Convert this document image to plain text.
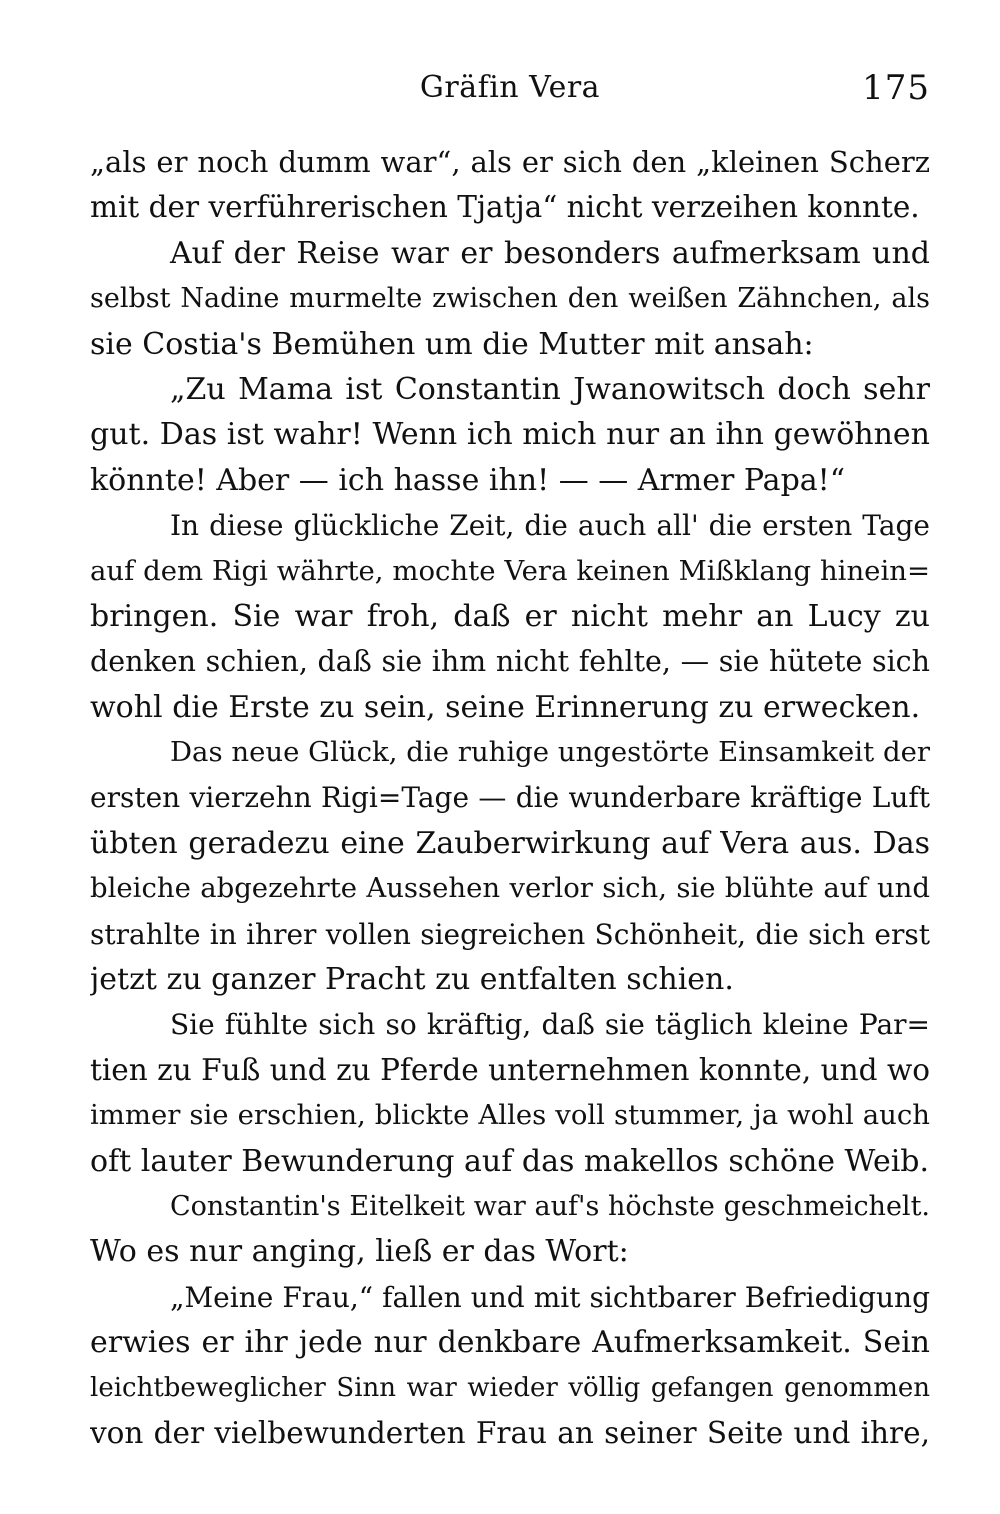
Gräfin Vera	175
„als er noch dumm war“, als er sich den „kleinen Scherz
mit der verführerischen Tjatja“ nicht verzeihen konnte.
Auf der Reise war er besonders aufmerksam und
selbst Nadine murmelte zwischen den weißen Zähnchen, als
sie Costia's Bemühen um die Mutter mit ansah:
„Zu Mama ist Constantin Jwanowitsch doch sehr
gut. Das ist wahr! Wenn ich mich nur an ihn gewöhnen
könnte! Aber — ich hasse ihn! — — Armer Papa!“
In diese glückliche Zeit, die auch all' die ersten Tage
auf dem Rigi währte, mochte Vera keinen Mißklang hinein=
bringen. Sie war froh, daß er nicht mehr an Lucy zu
denken schien, daß sie ihm nicht fehlte, — sie hütete sich
wohl die Erste zu sein, seine Erinnerung zu erwecken.
Das neue Glück, die ruhige ungestörte Einsamkeit der
ersten vierzehn Rigi=Tage — die wunderbare kräftige Luft
übten geradezu eine Zauberwirkung auf Vera aus. Das
bleiche abgezehrte Aussehen verlor sich, sie blühte auf und
strahlte in ihrer vollen siegreichen Schönheit, die sich erst
jetzt zu ganzer Pracht zu entfalten schien.
Sie fühlte sich so kräftig, daß sie täglich kleine Par=
tien zu Fuß und zu Pferde unternehmen konnte, und wo
immer sie erschien, blickte Alles voll stummer, ja wohl auch
oft lauter Bewunderung auf das makellos schöne Weib.
Constantin's Eitelkeit war auf's höchste geschmeichelt.
Wo es nur anging, ließ er das Wort:
„Meine Frau,“ fallen und mit sichtbarer Befriedigung
erwies er ihr jede nur denkbare Aufmerksamkeit. Sein
leichtbeweglicher Sinn war wieder völlig gefangen genommen
von der vielbewunderten Frau an seiner Seite und ihre,
